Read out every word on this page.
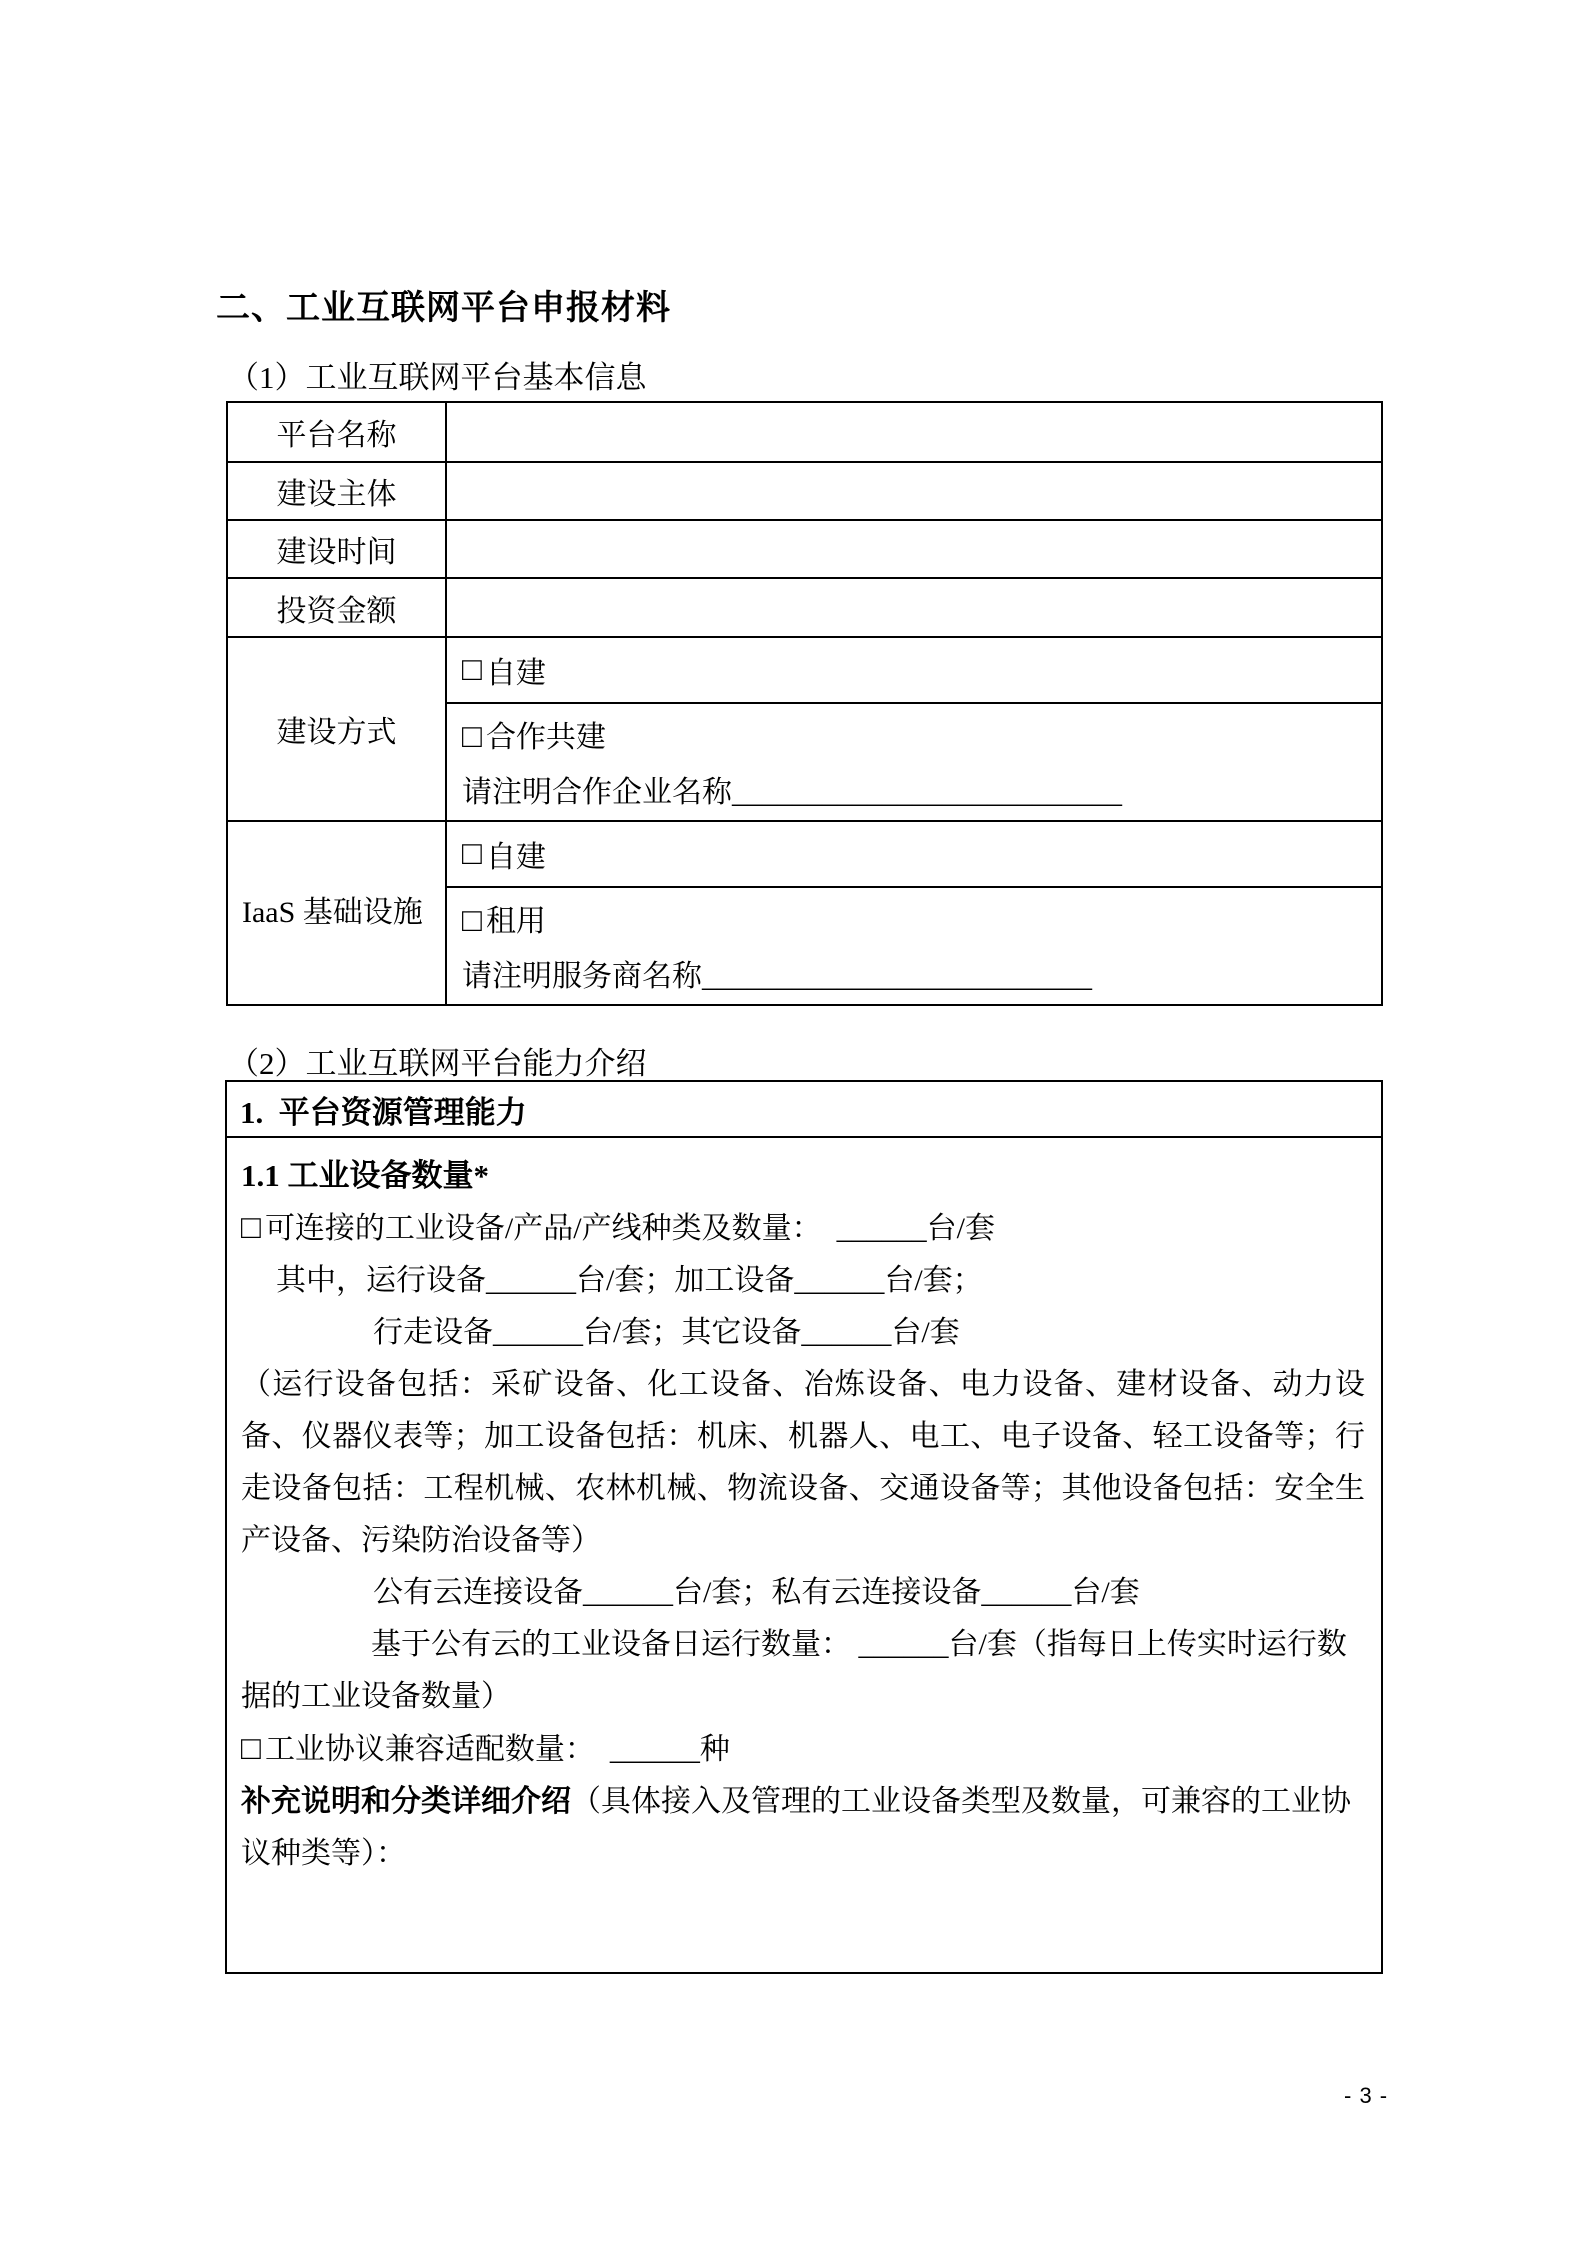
二、工业互联网平台申报材料
（1）工业互联网平台基本信息
平台名称
建设主体
建设时间
投资金额
建设方式
□ 自建
□ 合作共建
请注明合作企业名称__________________________
IaaS 基础设施
□ 自建
□ 租用
请注明服务商名称__________________________
（2）工业互联网平台能力介绍
1.  平台资源管理能力

1.1 工业设备数量*

□ 可连接的工业设备/产品/产线种类及数量：  ______台/套

其中，运行设备______台/套；加工设备______台/套；

行走设备______台/套；其它设备______台/套

（运行设备包括：采矿设备、化工设备、冶炼设备、电力设备、建材设备、动力设备、仪器仪表等；加工设备包括：机床、机器人、电工、电子设备、轻工设备等；行走设备包括：工程机械、农林机械、物流设备、交通设备等；其他设备包括：安全生产设备、污染防治设备等）

公有云连接设备______台/套；私有云连接设备______台/套

基于公有云的工业设备日运行数量： ______台/套（指每日上传实时运行数据的工业设备数量）

□ 工业协议兼容适配数量：  ______种

补充说明和分类详细介绍（具体接入及管理的工业设备类型及数量，可兼容的工业协议种类等）：

- 3 -
